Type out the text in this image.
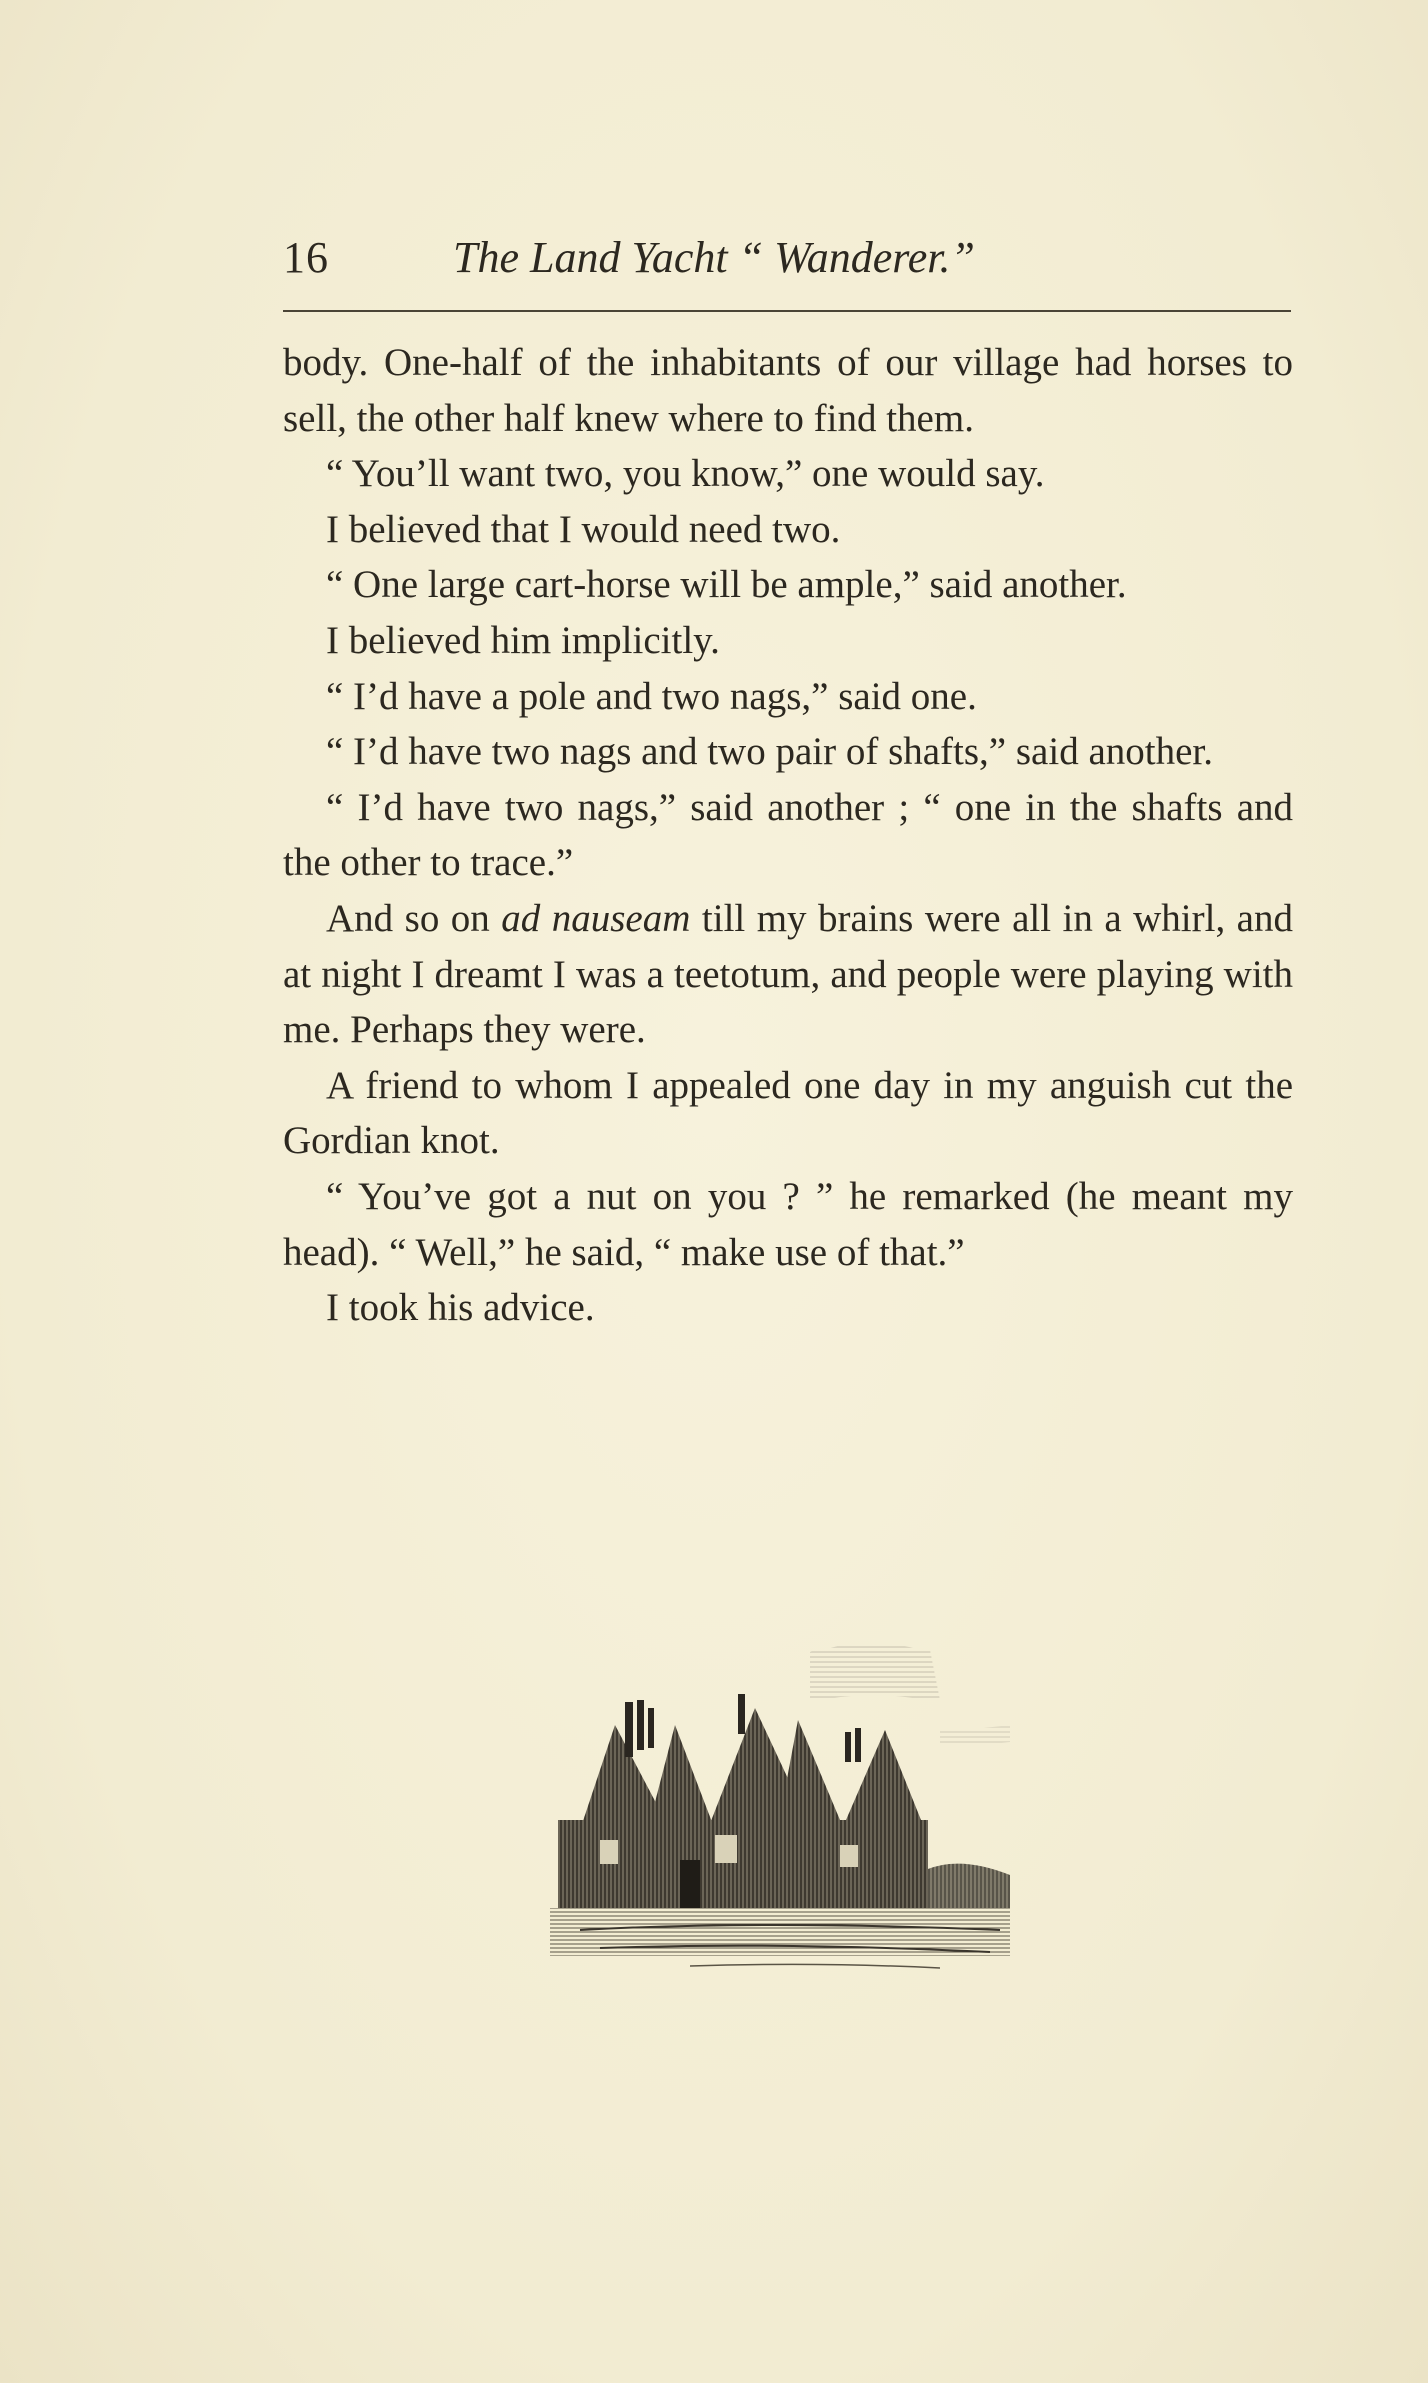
16	The Land Yacht “ Wanderer.”

body. One-half of the inhabitants of our village had horses to sell, the other half knew where to find them.

“ You’ll want two, you know,” one would say.

I believed that I would need two.

“ One large cart-horse will be ample,” said another.

I believed him implicitly.

“ I’d have a pole and two nags,” said one.

“ I’d have two nags and two pair of shafts,” said another.

“ I’d have two nags,” said another ; “ one in the shafts and the other to trace.”

And so on ad nauseam till my brains were all in a whirl, and at night I dreamt I was a teetotum, and people were playing with me. Perhaps they were.

A friend to whom I appealed one day in my anguish cut the Gordian knot.

“ You’ve got a nut on you ? ” he remarked (he meant my head). “ Well,” he said, “ make use of that.”

I took his advice.
